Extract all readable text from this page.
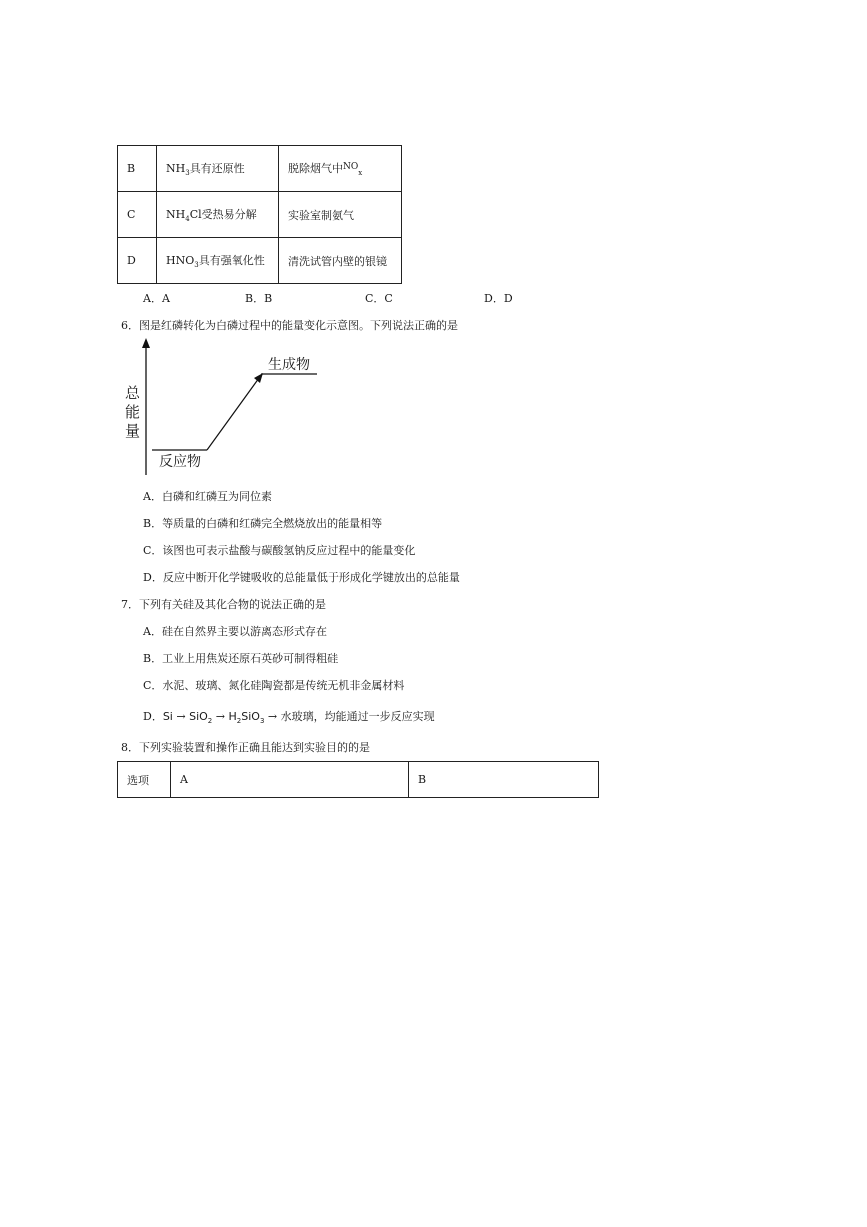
B	$NH_3$具有还原性	脱除烟气中$^{NO}_x$
C	$NH_4Cl$受热易分解	实验室制氨气
D	$HNO_3$具有强氧化性	清洗试管内壁的银镜
A．A	B．B	C．C	D．D
6．图是红磷转化为白磷过程中的能量变化示意图。下列说法正确的是
总
能
量
反应物
生成物
A．白磷和红磷互为同位素
B．等质量的白磷和红磷完全燃烧放出的能量相等
C．该图也可表示盐酸与碳酸氢钠反应过程中的能量变化
D．反应中断开化学键吸收的总能量低于形成化学键放出的总能量
7．下列有关硅及其化合物的说法正确的是
A．硅在自然界主要以游离态形式存在
B．工业上用焦炭还原石英砂可制得粗硅
C．水泥、玻璃、氮化硅陶瓷都是传统无机非金属材料
D．$Si \to SiO_2 \to H_2SiO_3$ → 水玻璃，均能通过一步反应实现
8．下列实验装置和操作正确且能达到实验目的的是
选项	A	B
